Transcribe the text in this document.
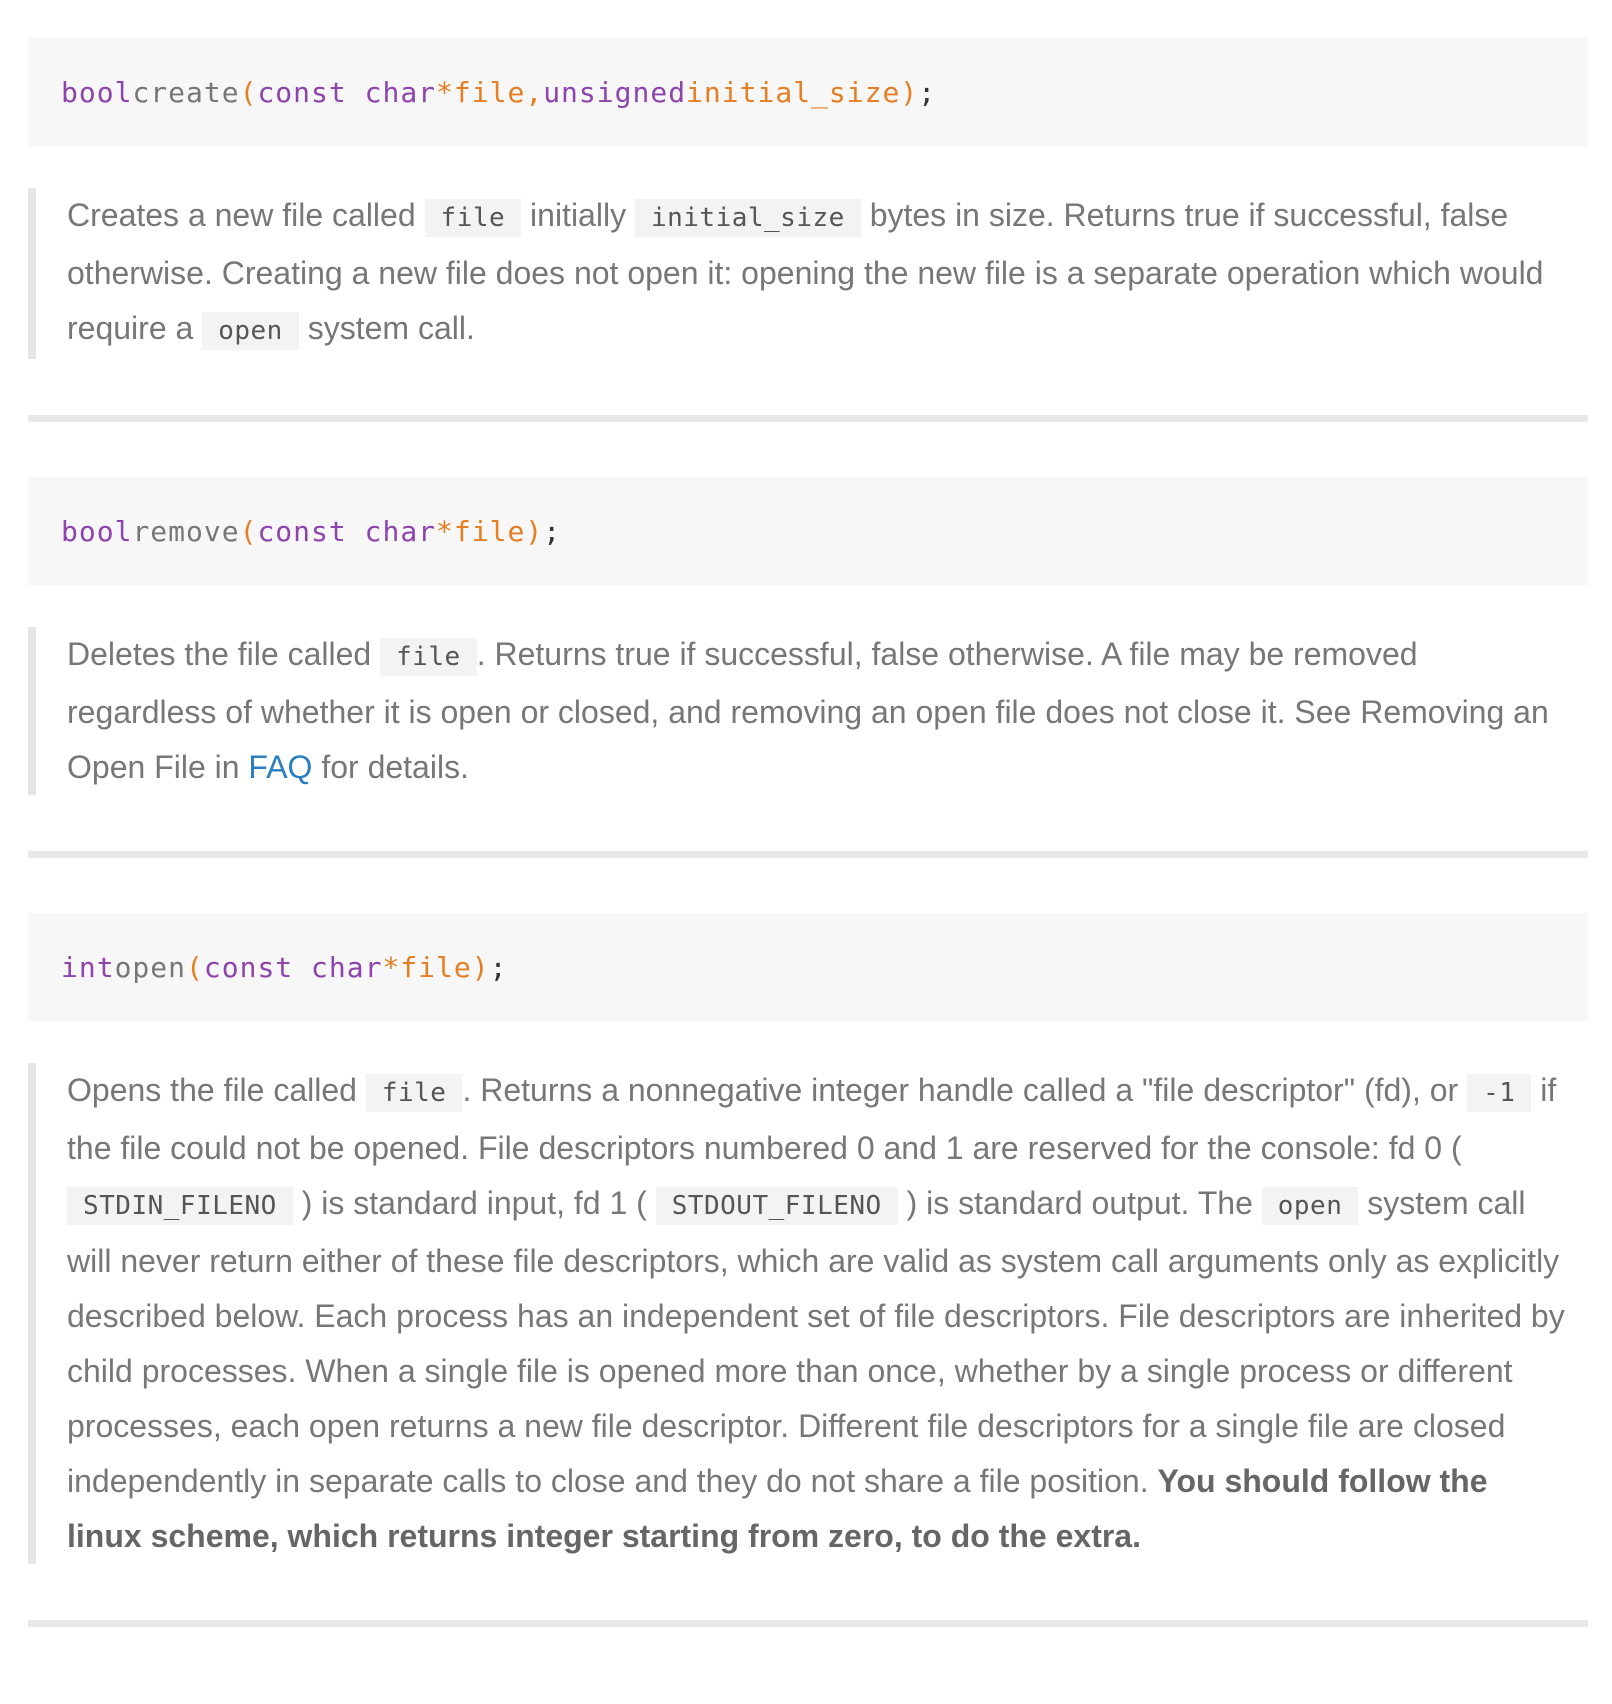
bool create ( const char *file, unsigned initial_size) ;
Creates a new file called file initially initial_size bytes in size. Returns true if successful, false otherwise. Creating a new file does not open it: opening the new file is a separate operation which would require a open system call.
bool remove ( const char *file) ;
Deletes the file called file . Returns true if successful, false otherwise. A file may be removed regardless of whether it is open or closed, and removing an open file does not close it. See Removing an Open File in FAQ for details.
int open ( const char *file) ;
Opens the file called file . Returns a nonnegative integer handle called a "file descriptor" (fd), or -1 if the file could not be opened. File descriptors numbered 0 and 1 are reserved for the console: fd 0 ( STDIN_FILENO ) is standard input, fd 1 ( STDOUT_FILENO ) is standard output. The open system call will never return either of these file descriptors, which are valid as system call arguments only as explicitly described below. Each process has an independent set of file descriptors. File descriptors are inherited by child processes. When a single file is opened more than once, whether by a single process or different processes, each open returns a new file descriptor. Different file descriptors for a single file are closed independently in separate calls to close and they do not share a file position. You should follow the linux scheme, which returns integer starting from zero, to do the extra.
